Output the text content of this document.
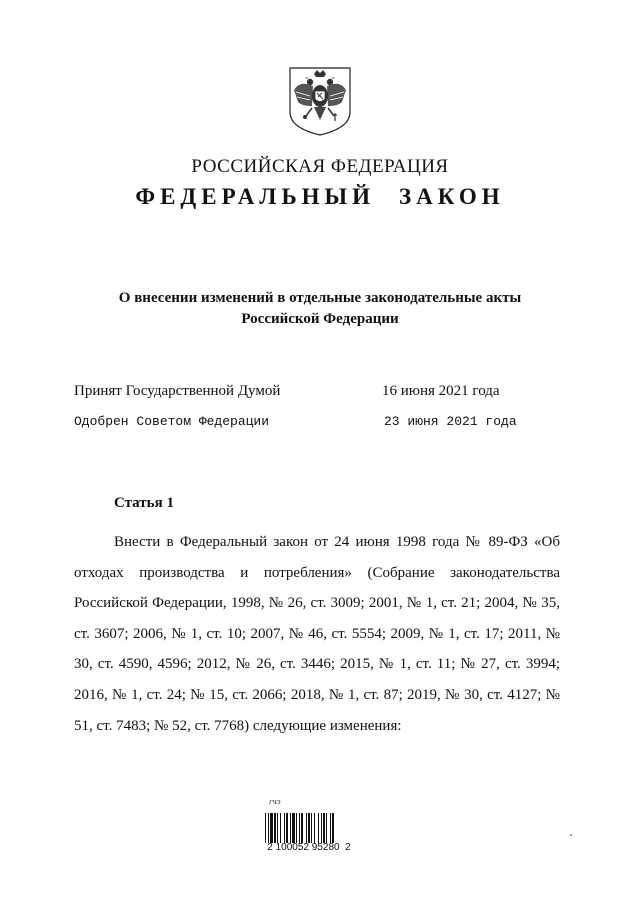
РОССИЙСКАЯ ФЕДЕРАЦИЯ
ФЕДЕРАЛЬНЫЙ ЗАКОН
О внесении изменений в отдельные законодательные акты
Российской Федерации
Принят Государственной Думой	16 июня 2021 года
Одобрен Советом Федерации	23 июня 2021 года
Статья 1

Внести в Федеральный закон от 24 июня 1998 года № 89-ФЗ «Об отходах производства и потребления» (Собрание законодательства Российской Федерации, 1998, № 26, ст. 3009; 2001, № 1, ст. 21; 2004, № 35, ст. 3607; 2006, № 1, ст. 10; 2007, № 46, ст. 5554; 2009, № 1, ст. 17; 2011, № 30, ст. 4590, 4596; 2012, № 26, ст. 3446; 2015, № 1, ст. 11; № 27, ст. 3994; 2016, № 1, ст. 24; № 15, ст. 2066; 2018, № 1, ст. 87; 2019, № 30, ст. 4127; № 51, ст. 7483; № 52, ст. 7768) следующие изменения:

ГЧЭ
2 100052 95280  2
